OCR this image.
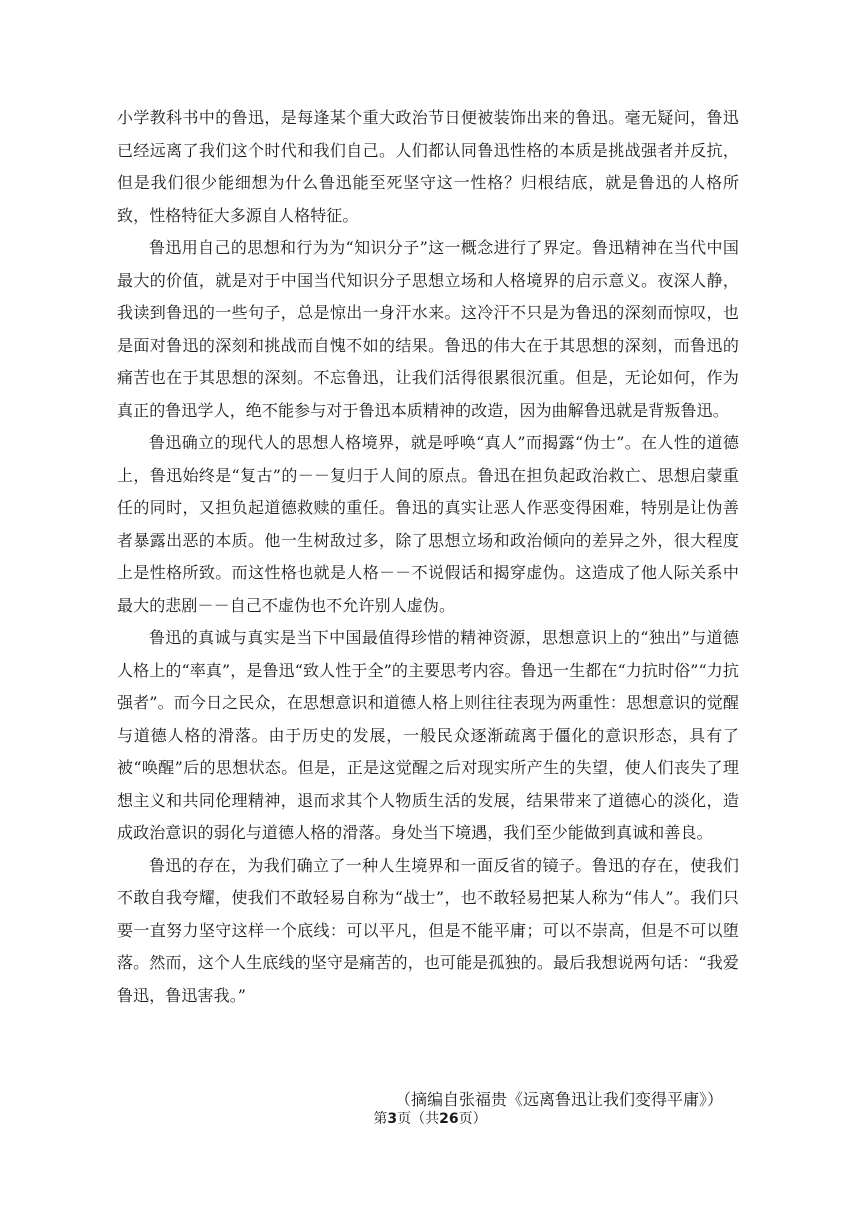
小学教科书中的鲁迅，是每逢某个重大政治节日便被装饰出来的鲁迅。毫无疑问，鲁迅已经远离了我们这个时代和我们自己。人们都认同鲁迅性格的本质是挑战强者并反抗，但是我们很少能细想为什么鲁迅能至死坚守这一性格？归根结底，就是鲁迅的人格所致，性格特征大多源自人格特征。

鲁迅用自己的思想和行为为“知识分子”这一概念进行了界定。鲁迅精神在当代中国最大的价值，就是对于中国当代知识分子思想立场和人格境界的启示意义。夜深人静，我读到鲁迅的一些句子，总是惊出一身汗水来。这冷汗不只是为鲁迅的深刻而惊叹，也是面对鲁迅的深刻和挑战而自愧不如的结果。鲁迅的伟大在于其思想的深刻，而鲁迅的痛苦也在于其思想的深刻。不忘鲁迅，让我们活得很累很沉重。但是，无论如何，作为真正的鲁迅学人，绝不能参与对于鲁迅本质精神的改造，因为曲解鲁迅就是背叛鲁迅。

鲁迅确立的现代人的思想人格境界，就是呼唤“真人”而揭露“伪士”。在人性的道德上，鲁迅始终是“复古”的－－复归于人间的原点。鲁迅在担负起政治救亡、思想启蒙重任的同时，又担负起道德救赎的重任。鲁迅的真实让恶人作恶变得困难，特别是让伪善者暴露出恶的本质。他一生树敌过多，除了思想立场和政治倾向的差异之外，很大程度上是性格所致。而这性格也就是人格－－不说假话和揭穿虚伪。这造成了他人际关系中最大的悲剧－－自己不虚伪也不允许别人虚伪。

鲁迅的真诚与真实是当下中国最值得珍惜的精神资源，思想意识上的“独出”与道德人格上的“率真”，是鲁迅“致人性于全”的主要思考内容。鲁迅一生都在“力抗时俗”“力抗强者”。而今日之民众，在思想意识和道德人格上则往往表现为两重性：思想意识的觉醒与道德人格的滑落。由于历史的发展，一般民众逐渐疏离于僵化的意识形态，具有了被“唤醒”后的思想状态。但是，正是这觉醒之后对现实所产生的失望，使人们丧失了理想主义和共同伦理精神，退而求其个人物质生活的发展，结果带来了道德心的淡化，造成政治意识的弱化与道德人格的滑落。身处当下境遇，我们至少能做到真诚和善良。

鲁迅的存在，为我们确立了一种人生境界和一面反省的镜子。鲁迅的存在，使我们不敢自我夸耀，使我们不敢轻易自称为“战士”，也不敢轻易把某人称为“伟人”。我们只要一直努力坚守这样一个底线：可以平凡，但是不能平庸；可以不崇高，但是不可以堕落。然而，这个人生底线的坚守是痛苦的，也可能是孤独的。最后我想说两句话：“我爱鲁迅，鲁迅害我。”

（摘编自张福贵《远离鲁迅让我们变得平庸》）
第3页（共26页）
